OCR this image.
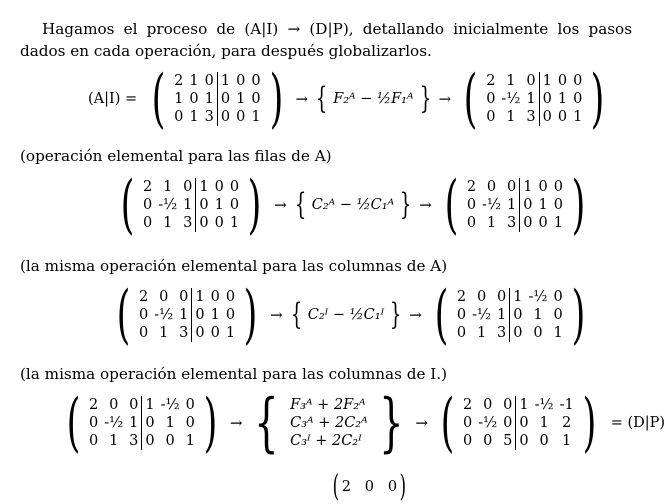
Hagamos el proceso de (A|I) → (D|P), detallando inicialmente los pasos dados en cada operación, para después globalizarlos.
(A|I) = ( 2	1	0	1	0	0
1	0	1	0	1	0
0	1	3	0	0	1 ) → { F₂ᴬ − ½F₁ᴬ } → ( 2	1	0	1	0	0
0	-½	1	0	1	0
0	1	3	0	0	1 )
(operación elemental para las filas de A)
( 2	1	0	1	0	0
0	-½	1	0	1	0
0	1	3	0	0	1 ) → { C₂ᴬ − ½C₁ᴬ } → ( 2	0	0	1	0	0
0	-½	1	0	1	0
0	1	3	0	0	1 )
(la misma operación elemental para las columnas de A)
( 2	0	0	1	0	0
0	-½	1	0	1	0
0	1	3	0	0	1 ) → { C₂ᴵ − ½C₁ᴵ } → ( 2	0	0	1	-½	0
0	-½	1	0	1	0
0	1	3	0	0	1 )
(la misma operación elemental para las columnas de I.)
( 2	0	0	1	-½	0
0	-½	1	0	1	0
0	1	3	0	0	1 ) → { F₃ᴬ + 2F₂ᴬ
C₃ᴬ + 2C₂ᴬ
C₃ᴵ + 2C₂ᴵ } → ( 2	0	0	1	-½	-1
0	-½	0	0	1	2
0	0	5	0	0	1 ) = (D|P)
( 2 0 0 )
